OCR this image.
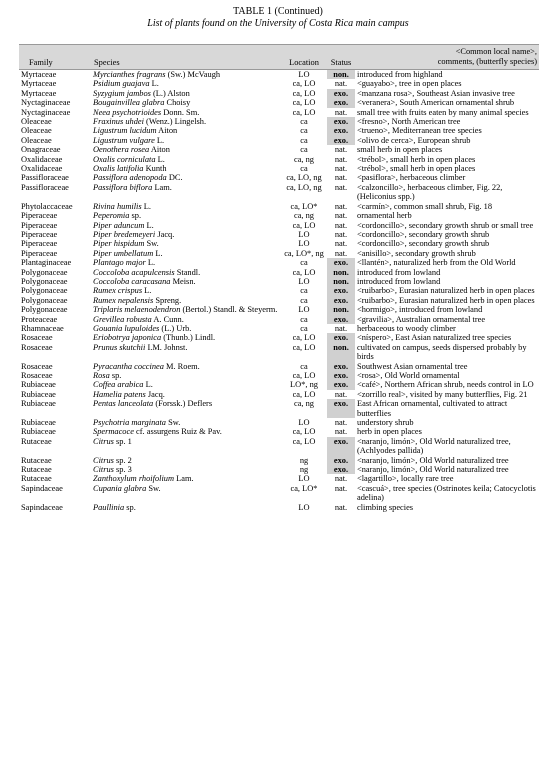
TABLE 1 (Continued)
List of plants found on the University of Costa Rica main campus
Family	Species	Location	Status	<Common local name>,
comments, (butterfly species)

Myrtaceae	Myrcianthes fragrans (Sw.) McVaugh	LO	non.	introduced from highland
Myrtaceae	Psidium guajava L.	ca, LO	nat.	<guayabo>, tree in open places
Myrtaceae	Syzygium jambos (L.) Alston	ca, LO	exo.	<manzana rosa>, Southeast Asian invasive tree
Nyctaginaceae	Bougainvillea glabra Choisy	ca, LO	exo.	<veranera>, South American ornamental shrub
Nyctaginaceae	Neea psychotrioides Donn. Sm.	ca, LO	nat.	small tree with fruits eaten by many animal species
Oleaceae	Fraxinus uhdei (Wenz.) Lingelsh.	ca	exo.	<fresno>, North American tree
Oleaceae	Ligustrum lucidum Aiton	ca	exo.	<trueno>, Mediterranean tree species
Oleaceae	Ligustrum vulgare L.	ca	exo.	<olivo de cerca>, European shrub
Onagraceae	Oenothera rosea Aiton	ca	nat.	small herb in open places
Oxalidaceae	Oxalis corniculata L.	ca, ng	nat.	<trébol>, small herb in open places
Oxalidaceae	Oxalis latifolia Kunth	ca	nat.	<trébol>, small herb in open places
Passifloraceae	Passiflora adenopoda DC.	ca, LO, ng	nat.	<pasiflora>, herbaceous climber
Passifloraceae	Passiflora biflora Lam.	ca, LO, ng	nat.	<calzoncillo>, herbaceous climber, Fig. 22, (Heliconius spp.)
Phytolaccaceae	Rivina humilis L.	ca, LO*	nat.	<carmín>, common small shrub, Fig. 18
Piperaceae	Peperomia sp.	ca, ng	nat.	ornamental herb
Piperaceae	Piper aduncum L.	ca, LO	nat.	<cordoncillo>, secondary growth shrub or small tree
Piperaceae	Piper bredemeyeri Jacq.	LO	nat.	<cordoncillo>, secondary growth shrub
Piperaceae	Piper hispidum Sw.	LO	nat.	<cordoncillo>, secondary growth shrub
Piperaceae	Piper umbellatum L.	ca, LO*, ng	nat.	<anisillo>, secondary growth shrub
Plantaginaceae	Plantago major L.	ca	exo.	<llantén>, naturalized herb from the Old World
Polygonaceae	Coccoloba acapulcensis Standl.	ca, LO	non.	introduced from lowland
Polygonaceae	Coccoloba caracasana Meisn.	LO	non.	introduced from lowland
Polygonaceae	Rumex crispus L.	ca	exo.	<ruibarbo>, Eurasian naturalized herb in open places
Polygonaceae	Rumex nepalensis Spreng.	ca	exo.	<ruibarbo>, Eurasian naturalized herb in open places
Polygonaceae	Triplaris melaenodendron (Bertol.) Standl. & Steyerm.	LO	non.	<hormigo>, introduced from lowland
Proteaceae	Grevillea robusta A. Cunn.	ca	exo.	<gravilia>, Australian ornamental tree
Rhamnaceae	Gouania lupuloides (L.) Urb.	ca	nat.	herbaceous to woody climber
Rosaceae	Eriobotrya japonica (Thunb.) Lindl.	ca, LO	exo.	<níspero>, East Asian naturalized tree species
Rosaceae	Prunus skutchii I.M. Johnst.	ca, LO	non.	cultivated on campus, seeds dispersed probably by birds
Rosaceae	Pyracantha coccinea M. Roem.	ca	exo.	Southwest Asian ornamental tree
Rosaceae	Rosa sp.	ca, LO	exo.	<rosa>, Old World ornamental
Rubiaceae	Coffea arabica L.	LO*, ng	exo.	<café>, Northern African shrub, needs control in LO
Rubiaceae	Hamelia patens Jacq.	ca, LO	nat.	<zorrillo real>, visited by many butterflies, Fig. 21
Rubiaceae	Pentas lanceolata (Forssk.) Deflers	ca, ng	exo.	East African ornamental, cultivated to attract butterflies
Rubiaceae	Psychotria marginata Sw.	LO	nat.	understory shrub
Rubiaceae	Spermacoce cf. assurgens Ruiz & Pav.	ca, LO	nat.	herb in open places
Rutaceae	Citrus sp. 1	ca, LO	exo.	<naranjo, limón>, Old World naturalized tree, (Achlyodes pallida)
Rutaceae	Citrus sp. 2	ng	exo.	<naranjo, limón>, Old World naturalized tree
Rutaceae	Citrus sp. 3	ng	exo.	<naranjo, limón>, Old World naturalized tree
Rutaceae	Zanthoxylum rhoifolium Lam.	LO	nat.	<lagartillo>, locally rare tree
Sapindaceae	Cupania glabra Sw.	ca, LO*	nat.	<cascuá>, tree species (Ostrinotes keila; Catocyclotis adelina)
Sapindaceae	Paullinia sp.	LO	nat.	climbing species
